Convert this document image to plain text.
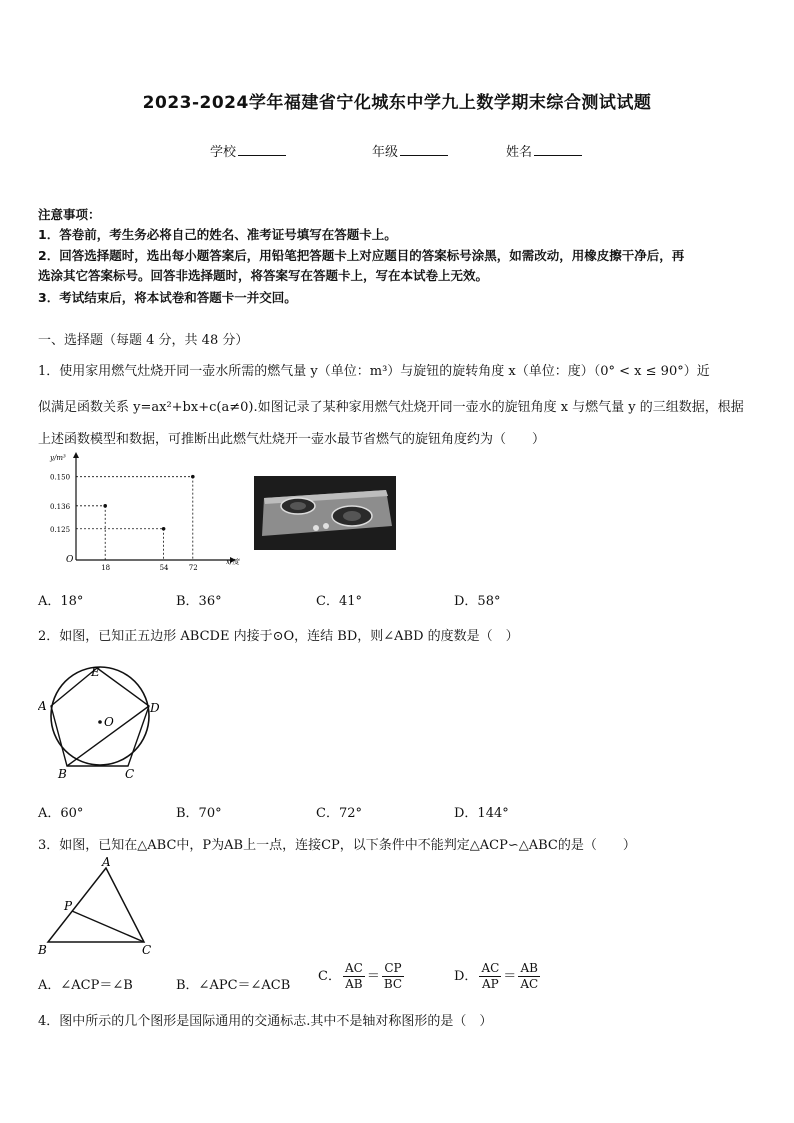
2023-2024学年福建省宁化城东中学九上数学期末综合测试试题
学校	年级	姓名
注意事项：
1．答卷前，考生务必将自己的姓名、准考证号填写在答题卡上。
2．回答选择题时，选出每小题答案后，用铅笔把答题卡上对应题目的答案标号涂黑，如需改动，用橡皮擦干净后，再
选涂其它答案标号。回答非选择题时，将答案写在答题卡上，写在本试卷上无效。
3．考试结束后，将本试卷和答题卡一并交回。
一、选择题（每题 4 分，共 48 分）
1．使用家用燃气灶烧开同一壶水所需的燃气量 y（单位：m³）与旋钮的旋转角度 x（单位：度）（0° < x ≤ 90°）近
似满足函数关系 y=ax²+bx+c(a≠0).如图记录了某种家用燃气灶烧开同一壶水的旋钮角度 x 与燃气量 y 的三组数据，根据
上述函数模型和数据，可推断出此燃气灶烧开一壶水最节省燃气的旋钮角度约为（　　）
y/m³
x/度
O
18	54	72
0.150
0.136
0.125
A．18°	B．36°	C．41°	D．58°
2．如图，已知正五边形 ABCDE 内接于⊙O，连结 BD，则∠ABD 的度数是（　）
E
A	D
B	C
O
A．60°	B．70°	C．72°	D．144°
3．如图，已知在△ABC中，P为AB上一点，连接CP，以下条件中不能判定△ACP∽△ABC的是（　　）
A
P
B	C
A．∠ACP＝∠B	B．∠APC＝∠ACB
C． $\frac{AC}{AB} = \frac{CP}{BC}$	D． $\frac{AC}{AP} = \frac{AB}{AC}$
4．图中所示的几个图形是国际通用的交通标志.其中不是轴对称图形的是（　）
